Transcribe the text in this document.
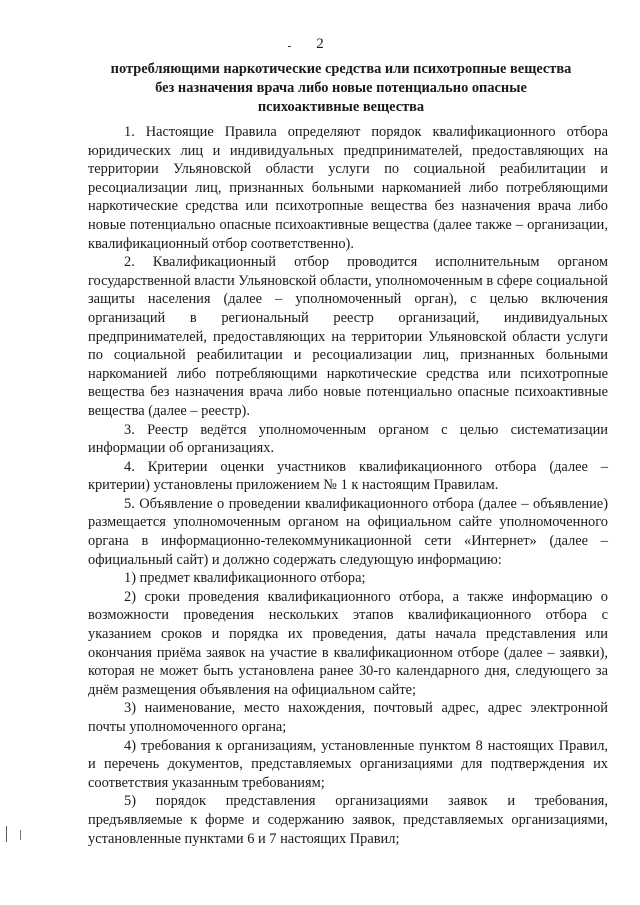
2
потребляющими наркотические средства или психотропные вещества
без назначения врача либо новые потенциально опасные
психоактивные вещества

1. Настоящие Правила определяют порядок квалификационного отбора юридических лиц и индивидуальных предпринимателей, предоставляющих на территории Ульяновской области услуги по социальной реабилитации и ресоциализации лиц, признанных больными наркоманией либо потребляющими наркотические средства или психотропные вещества без назначения врача либо новые потенциально опасные психоактивные вещества (далее также – организации, квалификационный отбор соответственно).

2. Квалификационный отбор проводится исполнительным органом государственной власти Ульяновской области, уполномоченным в сфере социальной защиты населения (далее – уполномоченный орган), с целью включения организаций в региональный реестр организаций, индивидуальных предпринимателей, предоставляющих на территории Ульяновской области услуги по социальной реабилитации и ресоциализации лиц, признанных больными наркоманией либо потребляющими наркотические средства или психотропные вещества без назначения врача либо новые потенциально опасные психоактивные вещества (далее – реестр).

3. Реестр ведётся уполномоченным органом с целью систематизации информации об организациях.

4. Критерии оценки участников квалификационного отбора (далее – критерии) установлены приложением № 1 к настоящим Правилам.

5. Объявление о проведении квалификационного отбора (далее – объявление) размещается уполномоченным органом на официальном сайте уполномоченного органа в информационно-телекоммуникационной сети «Интернет» (далее – официальный сайт) и должно содержать следующую информацию:

1) предмет квалификационного отбора;

2) сроки проведения квалификационного отбора, а также информацию о возможности проведения нескольких этапов квалификационного отбора с указанием сроков и порядка их проведения, даты начала представления или окончания приёма заявок на участие в квалификационном отборе (далее – заявки), которая не может быть установлена ранее 30-го календарного дня, следующего за днём размещения объявления на официальном сайте;

3) наименование, место нахождения, почтовый адрес, адрес электронной почты уполномоченного органа;

4) требования к организациям, установленные пунктом 8 настоящих Правил, и перечень документов, представляемых организациями для подтверждения их соответствия указанным требованиям;

5) порядок представления организациями заявок и требования, предъявляемые к форме и содержанию заявок, представляемых организациями, установленные пунктами 6 и 7 настоящих Правил;
